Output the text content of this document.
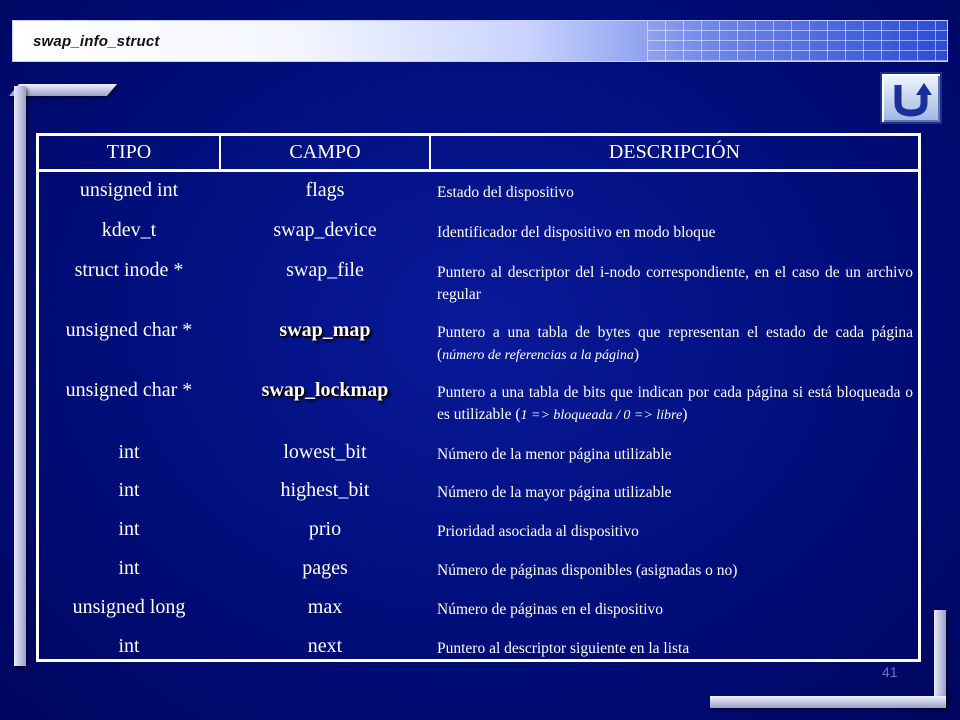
swap_info_struct
TIPO	CAMPO	DESCRIPCIÓN
unsigned int	flags	Estado del dispositivo
kdev_t	swap_device	Identificador del dispositivo en modo bloque
struct inode *	swap_file	Puntero al descriptor del i-nodo correspondiente, en el caso de un archivo regular
unsigned char *	swap_map	Puntero a una tabla de bytes que representan el estado de cada página (número de referencias a la página)
unsigned char *	swap_lockmap	Puntero a una tabla de bits que indican por cada página si está bloqueada o es utilizable (1 => bloqueada / 0 => libre)
int	lowest_bit	Número de la menor página utilizable
int	highest_bit	Número de la mayor página utilizable
int	prio	Prioridad asociada al dispositivo
int	pages	Número de páginas disponibles (asignadas o no)
unsigned long	max	Número de páginas en el dispositivo
int	next	Puntero al descriptor siguiente en la lista
41
